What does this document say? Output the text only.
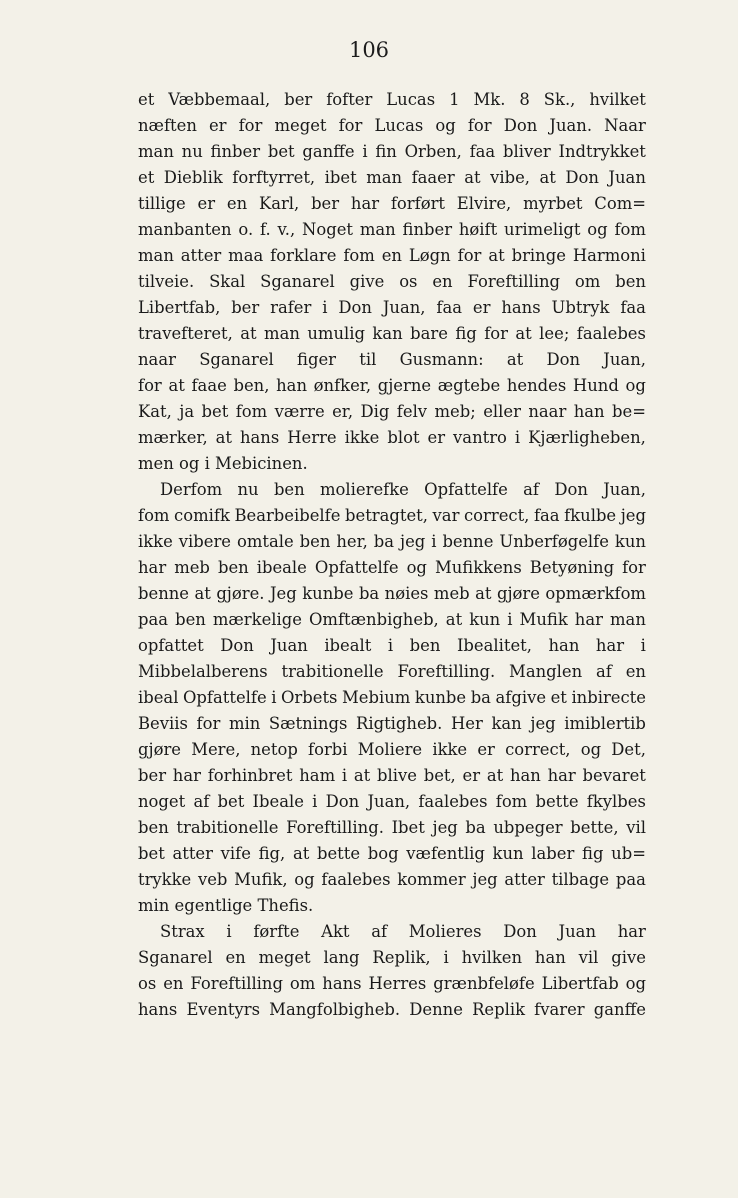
106
et Væbbemaal, ber fofter Lucas 1 Mk. 8 Sk., hvilket
næften er for meget for Lucas og for Don Juan. Naar
man nu finber bet ganffe i fin Orben, faa bliver Indtrykket
et Dieblik forftyrret, ibet man faaer at vibe, at Don Juan
tillige er en Karl, ber har forført Elvire, myrbet Com=
manbanten o. f. v., Noget man finber høift urimeligt og fom
man atter maa forklare fom en Løgn for at bringe Harmoni
tilveie. Skal Sganarel give os en Foreftilling om ben
Libertfab, ber rafer i Don Juan, faa er hans Ubtryk faa
travefteret, at man umulig kan bare fig for at lee; faalebes
naar Sganarel figer til Gusmann: at Don Juan,
for at faae ben, han ønfker, gjerne ægtebe hendes Hund og
Kat, ja bet fom værre er, Dig felv meb; eller naar han be=
mærker, at hans Herre ikke blot er vantro i Kjærligheben,
men og i Mebicinen.
Derfom nu ben molierefke Opfattelfe af Don Juan,
fom comifk Bearbeibelfe betragtet, var correct, faa fkulbe jeg
ikke vibere omtale ben her, ba jeg i benne Unberføgelfe kun
har meb ben ibeale Opfattelfe og Mufikkens Betyøning for
benne at gjøre. Jeg kunbe ba nøies meb at gjøre opmærkfom
paa ben mærkelige Omftænbigheb, at kun i Mufik har man
opfattet Don Juan ibealt i ben Ibealitet, han har i
Mibbelalberens trabitionelle Foreftilling. Manglen af en
ibeal Opfattelfe i Orbets Mebium kunbe ba afgive et inbirecte
Beviis for min Sætnings Rigtigheb. Her kan jeg imiblertib
gjøre Mere, netop forbi Moliere ikke er correct, og Det,
ber har forhinbret ham i at blive bet, er at han har bevaret
noget af bet Ibeale i Don Juan, faalebes fom bette fkylbes
ben trabitionelle Foreftilling. Ibet jeg ba ubpeger bette, vil
bet atter vife fig, at bette bog væfentlig kun laber fig ub=
trykke veb Mufik, og faalebes kommer jeg atter tilbage paa
min egentlige Thefis.
Strax i førfte Akt af Molieres Don Juan har
Sganarel en meget lang Replik, i hvilken han vil give
os en Foreftilling om hans Herres grænbfeløfe Libertfab og
hans Eventyrs Mangfolbigheb. Denne Replik fvarer ganffe
